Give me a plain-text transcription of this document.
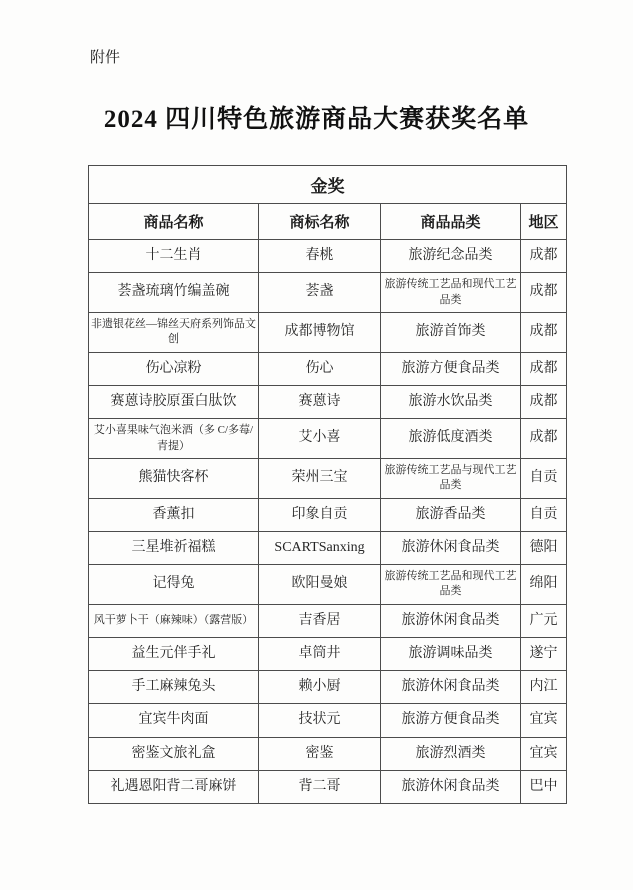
附件
2024 四川特色旅游商品大赛获奖名单
金奖			
商品名称	商标名称	商品品类	地区
十二生肖	春桃	旅游纪念品类	成都
荟盏琉璃竹编盖碗	荟盏	旅游传统工艺品和现代工艺品类	成都
非遗银花丝—锦丝天府系列饰品文创	成都博物馆	旅游首饰类	成都
伤心凉粉	伤心	旅游方便食品类	成都
赛蒽诗胶原蛋白肽饮	赛蒽诗	旅游水饮品类	成都
艾小喜果味气泡米酒（多 C/多莓/青提）	艾小喜	旅游低度酒类	成都
熊猫快客杯	荣州三宝	旅游传统工艺品与现代工艺品类	自贡
香薰扣	印象自贡	旅游香品类	自贡
三星堆祈福糕	SCARTSanxing	旅游休闲食品类	德阳
记得兔	欧阳曼娘	旅游传统工艺品和现代工艺品类	绵阳
风干萝卜干（麻辣味）（露营版）	吉香居	旅游休闲食品类	广元
益生元伴手礼	卓筒井	旅游调味品类	遂宁
手工麻辣兔头	赖小厨	旅游休闲食品类	内江
宜宾牛肉面	技状元	旅游方便食品类	宜宾
密鉴文旅礼盒	密鉴	旅游烈酒类	宜宾
礼遇恩阳背二哥麻饼	背二哥	旅游休闲食品类	巴中
